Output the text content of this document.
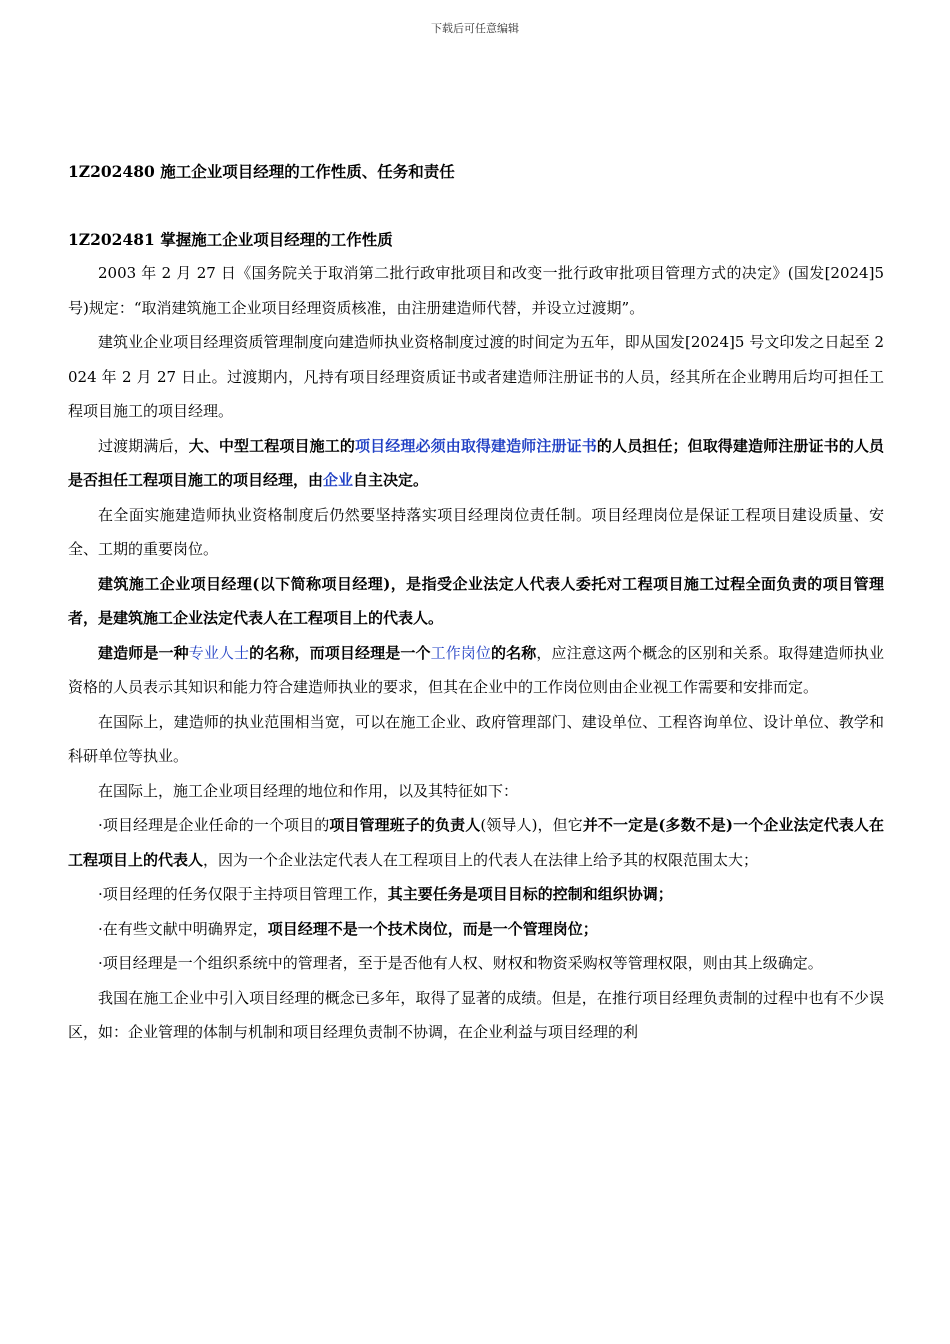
下载后可任意编辑
1Z202480 施工企业项目经理的工作性质、任务和责任
1Z202481 掌握施工企业项目经理的工作性质

2003 年 2 月 27 日《国务院关于取消第二批行政审批项目和改变一批行政审批项目管理方式的决定》(国发[2024]5 号)规定：“取消建筑施工企业项目经理资质核准，由注册建造师代替，并设立过渡期”。

建筑业企业项目经理资质管理制度向建造师执业资格制度过渡的时间定为五年，即从国发[2024]5 号文印发之日起至 2024 年 2 月 27 日止。过渡期内，凡持有项目经理资质证书或者建造师注册证书的人员，经其所在企业聘用后均可担任工程项目施工的项目经理。

过渡期满后，大、中型工程项目施工的项目经理必须由取得建造师注册证书的人员担任；但取得建造师注册证书的人员是否担任工程项目施工的项目经理，由企业自主决定。

在全面实施建造师执业资格制度后仍然要坚持落实项目经理岗位责任制。项目经理岗位是保证工程项目建设质量、安全、工期的重要岗位。

建筑施工企业项目经理(以下简称项目经理)，是指受企业法定人代表人委托对工程项目施工过程全面负责的项目管理者，是建筑施工企业法定代表人在工程项目上的代表人。

建造师是一种专业人士的名称，而项目经理是一个工作岗位的名称，应注意这两个概念的区别和关系。取得建造师执业资格的人员表示其知识和能力符合建造师执业的要求，但其在企业中的工作岗位则由企业视工作需要和安排而定。

在国际上，建造师的执业范围相当宽，可以在施工企业、政府管理部门、建设单位、工程咨询单位、设计单位、教学和科研单位等执业。

在国际上，施工企业项目经理的地位和作用，以及其特征如下：

·项目经理是企业任命的一个项目的项目管理班子的负责人(领导人)，但它并不一定是(多数不是)一个企业法定代表人在工程项目上的代表人，因为一个企业法定代表人在工程项目上的代表人在法律上给予其的权限范围太大；

·项目经理的任务仅限于主持项目管理工作，其主要任务是项目目标的控制和组织协调；

·在有些文献中明确界定，项目经理不是一个技术岗位，而是一个管理岗位；

·项目经理是一个组织系统中的管理者，至于是否他有人权、财权和物资采购权等管理权限，则由其上级确定。

我国在施工企业中引入项目经理的概念已多年，取得了显著的成绩。但是，在推行项目经理负责制的过程中也有不少误区，如：企业管理的体制与机制和项目经理负责制不协调，在企业利益与项目经理的利
